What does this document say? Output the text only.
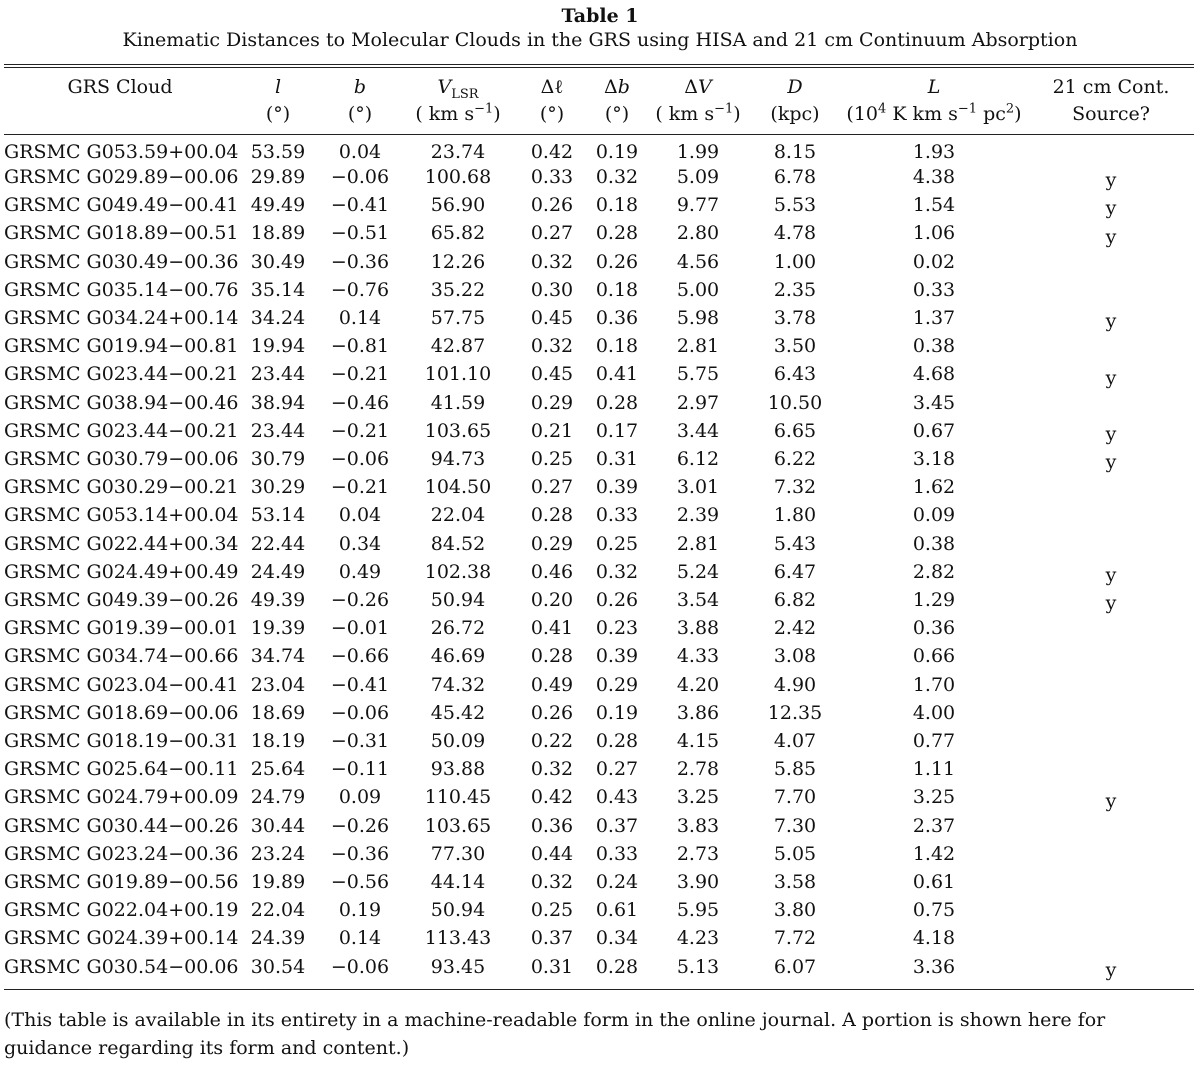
Table 1
Kinematic Distances to Molecular Clouds in the GRS using HISA and 21 cm Continuum Absorption
GRS Cloud	l	b	$V_{LSR}$	Δℓ	Δb	ΔV	D	L	21 cm Cont.
	(°)	(°)	( km $s^{-1}$)	(°)	(°)	( km $s^{-1}$)	(kpc)	($10^4$ K km $s^{-1}$ $pc^2$)	Source?

GRSMC G053.59+00.04	53.59	0.04	23.74	0.42	0.19	1.99	8.15	1.93	
GRSMC G029.89−00.06	29.89	−0.06	100.68	0.33	0.32	5.09	6.78	4.38	y
GRSMC G049.49−00.41	49.49	−0.41	56.90	0.26	0.18	9.77	5.53	1.54	y
GRSMC G018.89−00.51	18.89	−0.51	65.82	0.27	0.28	2.80	4.78	1.06	y
GRSMC G030.49−00.36	30.49	−0.36	12.26	0.32	0.26	4.56	1.00	0.02	
GRSMC G035.14−00.76	35.14	−0.76	35.22	0.30	0.18	5.00	2.35	0.33	
GRSMC G034.24+00.14	34.24	0.14	57.75	0.45	0.36	5.98	3.78	1.37	y
GRSMC G019.94−00.81	19.94	−0.81	42.87	0.32	0.18	2.81	3.50	0.38	
GRSMC G023.44−00.21	23.44	−0.21	101.10	0.45	0.41	5.75	6.43	4.68	y
GRSMC G038.94−00.46	38.94	−0.46	41.59	0.29	0.28	2.97	10.50	3.45	
GRSMC G023.44−00.21	23.44	−0.21	103.65	0.21	0.17	3.44	6.65	0.67	y
GRSMC G030.79−00.06	30.79	−0.06	94.73	0.25	0.31	6.12	6.22	3.18	y
GRSMC G030.29−00.21	30.29	−0.21	104.50	0.27	0.39	3.01	7.32	1.62	
GRSMC G053.14+00.04	53.14	0.04	22.04	0.28	0.33	2.39	1.80	0.09	
GRSMC G022.44+00.34	22.44	0.34	84.52	0.29	0.25	2.81	5.43	0.38	
GRSMC G024.49+00.49	24.49	0.49	102.38	0.46	0.32	5.24	6.47	2.82	y
GRSMC G049.39−00.26	49.39	−0.26	50.94	0.20	0.26	3.54	6.82	1.29	y
GRSMC G019.39−00.01	19.39	−0.01	26.72	0.41	0.23	3.88	2.42	0.36	
GRSMC G034.74−00.66	34.74	−0.66	46.69	0.28	0.39	4.33	3.08	0.66	
GRSMC G023.04−00.41	23.04	−0.41	74.32	0.49	0.29	4.20	4.90	1.70	
GRSMC G018.69−00.06	18.69	−0.06	45.42	0.26	0.19	3.86	12.35	4.00	
GRSMC G018.19−00.31	18.19	−0.31	50.09	0.22	0.28	4.15	4.07	0.77	
GRSMC G025.64−00.11	25.64	−0.11	93.88	0.32	0.27	2.78	5.85	1.11	
GRSMC G024.79+00.09	24.79	0.09	110.45	0.42	0.43	3.25	7.70	3.25	y
GRSMC G030.44−00.26	30.44	−0.26	103.65	0.36	0.37	3.83	7.30	2.37	
GRSMC G023.24−00.36	23.24	−0.36	77.30	0.44	0.33	2.73	5.05	1.42	
GRSMC G019.89−00.56	19.89	−0.56	44.14	0.32	0.24	3.90	3.58	0.61	
GRSMC G022.04+00.19	22.04	0.19	50.94	0.25	0.61	5.95	3.80	0.75	
GRSMC G024.39+00.14	24.39	0.14	113.43	0.37	0.34	4.23	7.72	4.18	
GRSMC G030.54−00.06	30.54	−0.06	93.45	0.31	0.28	5.13	6.07	3.36	y
(This table is available in its entirety in a machine-readable form in the online journal. A portion is shown here for guidance regarding its form and content.)
